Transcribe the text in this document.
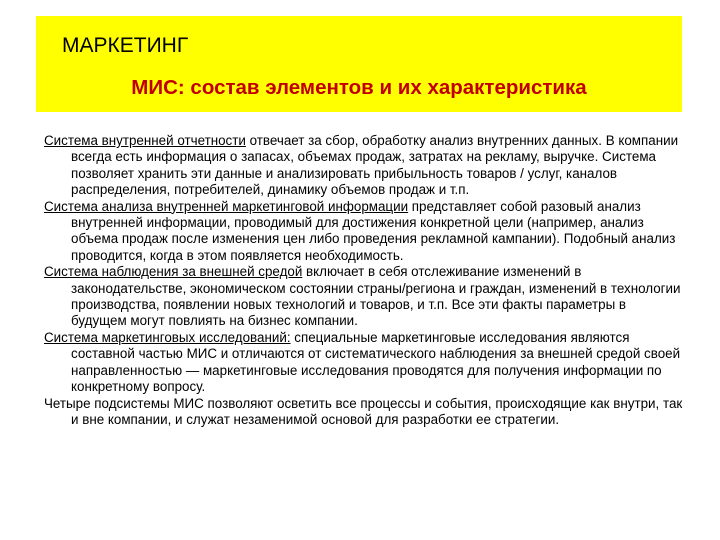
МАРКЕТИНГ
МИС: состав элементов и их характеристика

Система внутренней отчетности отвечает за сбор, обработку анализ внутренних данных. В компании всегда есть информация о запасах, объемах продаж, затратах на рекламу, выручке. Система позволяет хранить эти данные и анализировать прибыльность товаров / услуг, каналов распределения, потребителей, динамику объемов продаж и т.п.

Система анализа внутренней маркетинговой информации представляет собой разовый анализ внутренней информации, проводимый для достижения конкретной цели (например, анализ объема продаж после изменения цен либо проведения рекламной кампании). Подобный анализ проводится, когда в этом появляется необходимость.

Система наблюдения за внешней средой включает в себя отслеживание изменений в законодательстве, экономическом состоянии страны/региона и граждан, изменений в технологии производства, появлении новых технологий и товаров, и т.п. Все эти факты параметры в будущем могут повлиять на бизнес компании.

Система маркетинговых исследований: специальные маркетинговые исследования являются составной частью МИС и отличаются от систематического наблюдения за внешней средой своей направленностью — маркетинговые исследования проводятся для получения информации по конкретному вопросу.

Четыре подсистемы МИС позволяют осветить все процессы и события, происходящие как внутри, так и вне компании, и служат незаменимой основой для разработки ее стратегии.
